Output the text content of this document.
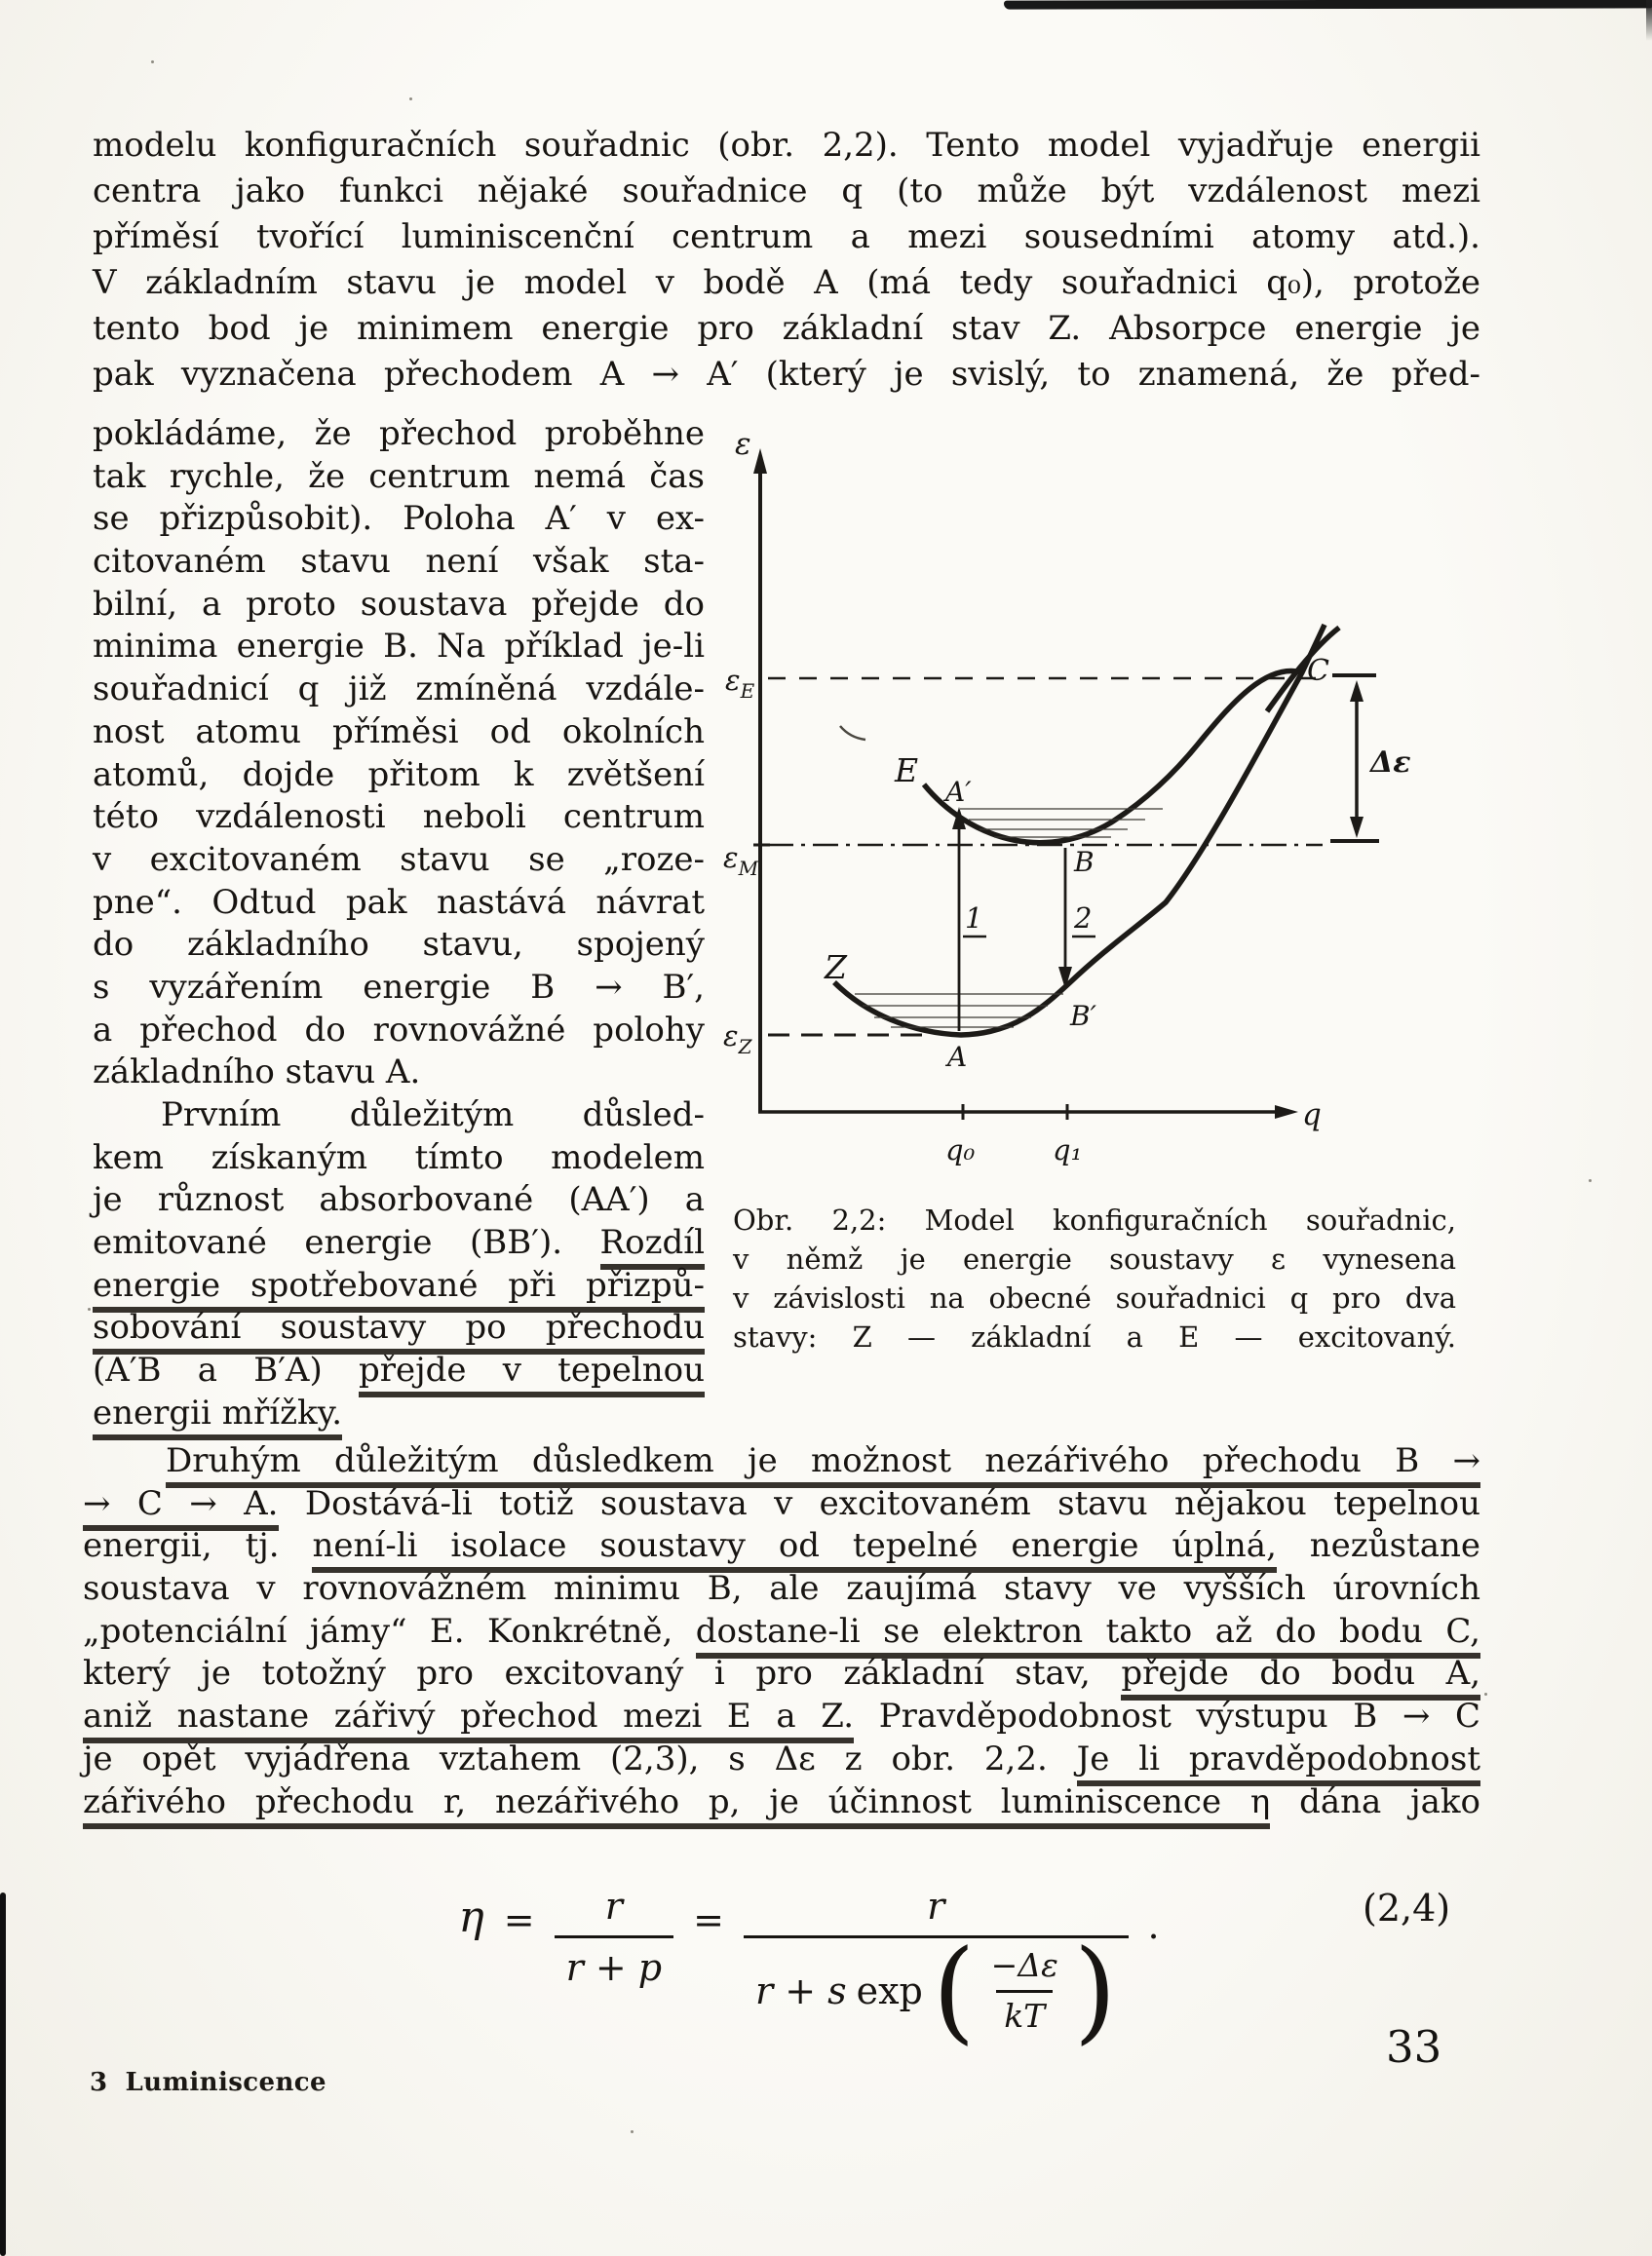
modelu konfiguračních souřadnic (obr. 2,2). Tento model vyjadřuje energii
centra jako funkci nějaké souřadnice q (to může být vzdálenost mezi
příměsí tvořící luminiscenční centrum a mezi sousedními atomy atd.).
V základním stavu je model v bodě A (má tedy souřadnici q₀), protože
tento bod je minimem energie pro základní stav Z. Absorpce energie je
pak vyznačena přechodem A → A′ (který je svislý, to znamená, že před-
pokládáme, že přechod proběhne
tak rychle, že centrum nemá čas
se přizpůsobit). Poloha A′ v ex-
citovaném stavu není však sta-
bilní, a proto soustava přejde do
minima energie B. Na příklad je-li
souřadnicí q již zmíněná vzdále-
nost atomu příměsi od okolních
atomů, dojde přitom k zvětšení
této vzdálenosti neboli centrum
v excitovaném stavu se „roze-
pne“. Odtud pak nastává návrat
do základního stavu, spojený
s vyzářením energie B → B′,
a přechod do rovnovážné polohy
základního stavu A.
Prvním důležitým důsled-
kem získaným tímto modelem
je různost absorbované (AA′) a
emitované energie (BB′). Rozdíl
energie spotřebované při přizpů-
sobování soustavy po přechodu
(A′B a B′A) přejde v tepelnou
energii mřížky.
Druhým důležitým důsledkem je možnost nezářivého přechodu B →
→ C → A. Dostává-li totiž soustava v excitovaném stavu nějakou tepelnou
energii, tj. není-li isolace soustavy od tepelné energie úplná, nezůstane
soustava v rovnovážném minimu B, ale zaujímá stavy ve vyšších úrovních
„potenciální jámy“ E. Konkrétně, dostane-li se elektron takto až do bodu C,
který je totožný pro excitovaný i pro základní stav, přejde do bodu A,
aniž nastane zářivý přechod mezi E a Z. Pravděpodobnost výstupu B → C
je opět vyjádřena vztahem (2,3), s Δε z obr. 2,2. Je li pravděpodobnost
zářivého přechodu r, nezářivého p, je účinnost luminiscence η dána jako
Obr. 2,2: Model konfiguračních souřadnic,
v němž je energie soustavy ε vynesena
v závislosti na obecné souřadnici q pro dva
stavy: Z — základní a E — excitovaný.
ε
$\varepsilon_E$
$\varepsilon_M$
$\varepsilon_Z$
q
q₀	q₁
E
Z
A
A′
B
B′
C
1	2
Δε
$\eta = \frac{r}{r + p}$ =	r
r + s exp ( $\frac{-\Delta\varepsilon}{kT}$ )
.	(2,4)
3 Luminiscence
33
